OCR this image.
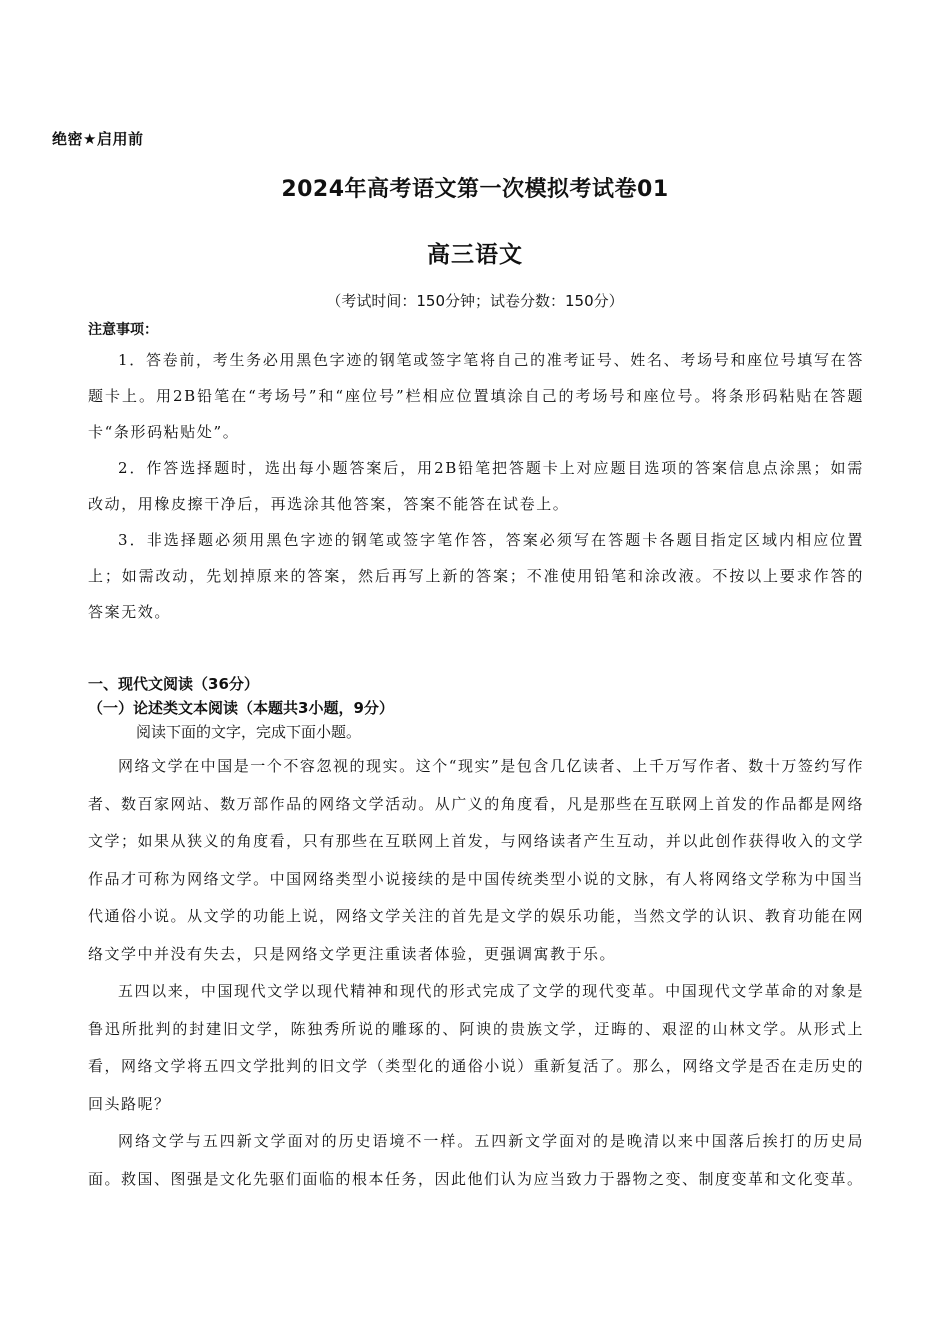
绝密★启用前
2024年高考语文第一次模拟考试卷01
高三语文
（考试时间：150分钟；试卷分数：150分）
注意事项：

1．答卷前，考生务必用黑色字迹的钢笔或签字笔将自己的准考证号、姓名、考场号和座位号填写在答题卡上。用2B铅笔在“考场号”和“座位号”栏相应位置填涂自己的考场号和座位号。将条形码粘贴在答题卡“条形码粘贴处”。

2．作答选择题时，选出每小题答案后，用2B铅笔把答题卡上对应题目选项的答案信息点涂黑；如需改动，用橡皮擦干净后，再选涂其他答案，答案不能答在试卷上。

3．非选择题必须用黑色字迹的钢笔或签字笔作答，答案必须写在答题卡各题目指定区域内相应位置上；如需改动，先划掉原来的答案，然后再写上新的答案；不准使用铅笔和涂改液。不按以上要求作答的答案无效。

一、现代文阅读（36分）
（一）论述类文本阅读（本题共3小题，9分）
阅读下面的文字，完成下面小题。

网络文学在中国是一个不容忽视的现实。这个“现实”是包含几亿读者、上千万写作者、数十万签约写作者、数百家网站、数万部作品的网络文学活动。从广义的角度看，凡是那些在互联网上首发的作品都是网络文学；如果从狭义的角度看，只有那些在互联网上首发，与网络读者产生互动，并以此创作获得收入的文学作品才可称为网络文学。中国网络类型小说接续的是中国传统类型小说的文脉，有人将网络文学称为中国当代通俗小说。从文学的功能上说，网络文学关注的首先是文学的娱乐功能，当然文学的认识、教育功能在网络文学中并没有失去，只是网络文学更注重读者体验，更强调寓教于乐。

五四以来，中国现代文学以现代精神和现代的形式完成了文学的现代变革。中国现代文学革命的对象是鲁迅所批判的封建旧文学，陈独秀所说的雕琢的、阿谀的贵族文学，迂晦的、艰涩的山林文学。从形式上看，网络文学将五四文学批判的旧文学（类型化的通俗小说）重新复活了。那么，网络文学是否在走历史的回头路呢？

网络文学与五四新文学面对的历史语境不一样。五四新文学面对的是晚清以来中国落后挨打的历史局面。救国、图强是文化先驱们面临的根本任务，因此他们认为应当致力于器物之变、制度变革和文化变革。
